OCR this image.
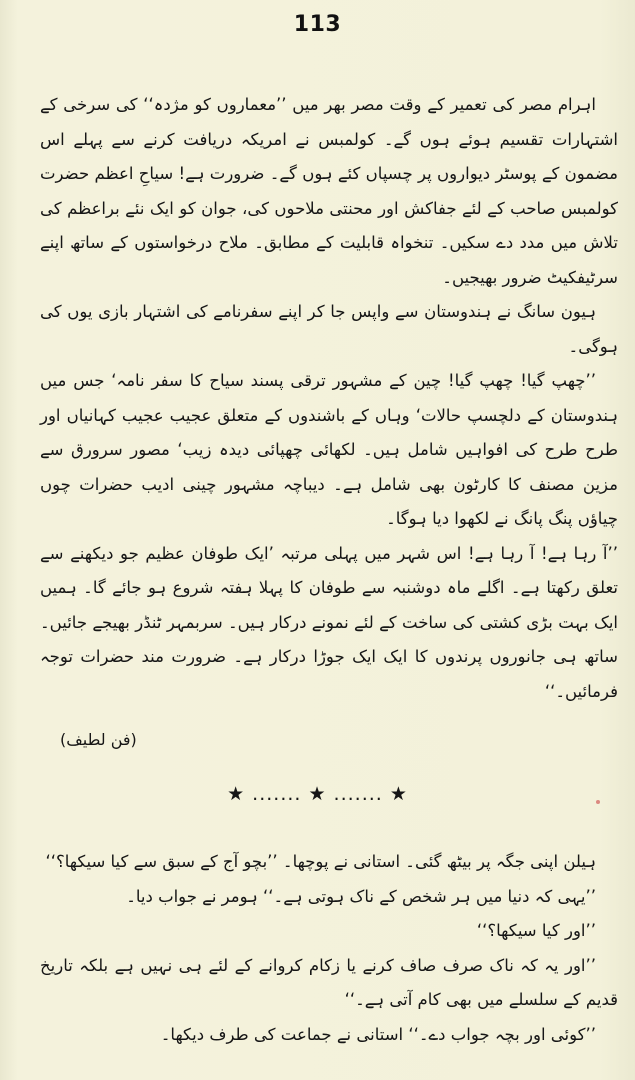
113

اہرام مصر کی تعمیر کے وقت مصر بھر میں ’’معماروں کو مژدہ‘‘ کی سرخی کے اشتہارات تقسیم ہوئے ہوں گے۔ کولمبس نے امریکہ دریافت کرنے سے پہلے اس مضمون کے پوسٹر دیواروں پر چسپاں کئے ہوں گے۔ ضرورت ہے! سیاحِ اعظم حضرت کولمبس صاحب کے لئے جفاکش اور محنتی ملاحوں کی، جوان کو ایک نئے براعظم کی تلاش میں مدد دے سکیں۔ تنخواہ قابلیت کے مطابق۔ ملاح درخواستوں کے ساتھ اپنے سرٹیفکیٹ ضرور بھیجیں۔

ہیون سانگ نے ہندوستان سے واپس جا کر اپنے سفرنامے کی اشتہار بازی یوں کی ہوگی۔

’’چھپ گیا! چھپ گیا! چین کے مشہور ترقی پسند سیاح کا سفر نامہ‘ جس میں ہندوستان کے دلچسپ حالات‘ وہاں کے باشندوں کے متعلق عجیب عجیب کہانیاں اور طرح طرح کی افواہیں شامل ہیں۔ لکھائی چھپائی دیدہ زیب‘ مصور سرورق سے مزین مصنف کا کارٹون بھی شامل ہے۔ دیباچہ مشہور چینی ادیب حضرات چوں چیاؤں پنگ پانگ نے لکھوا دیا ہوگا۔

’’آ رہا ہے! آ رہا ہے! اس شہر میں پہلی مرتبہ ’ایک طوفان عظیم جو دیکھنے سے تعلق رکھتا ہے۔ اگلے ماہ دوشنبہ سے طوفان کا پہلا ہفتہ شروع ہو جائے گا۔ ہمیں ایک بہت بڑی کشتی کی ساخت کے لئے نمونے درکار ہیں۔ سربمہر ٹنڈر بھیجے جائیں۔ ساتھ ہی جانوروں پرندوں کا ایک ایک جوڑا درکار ہے۔ ضرورت مند حضرات توجہ فرمائیں۔‘‘

(فن لطیف)
★ ....... ★ ....... ★

ہیلن اپنی جگہ پر بیٹھ گئی۔ استانی نے پوچھا۔ ’’بچو آج کے سبق سے کیا سیکھا؟‘‘

’’یہی کہ دنیا میں ہر شخص کے ناک ہوتی ہے۔‘‘ ہومر نے جواب دیا۔

’’اور کیا سیکھا؟‘‘

’’اور یہ کہ ناک صرف صاف کرنے یا زکام کروانے کے لئے ہی نہیں ہے بلکہ تاریخ قدیم کے سلسلے میں بھی کام آتی ہے۔‘‘

’’کوئی اور بچہ جواب دے۔‘‘ استانی نے جماعت کی طرف دیکھا۔
